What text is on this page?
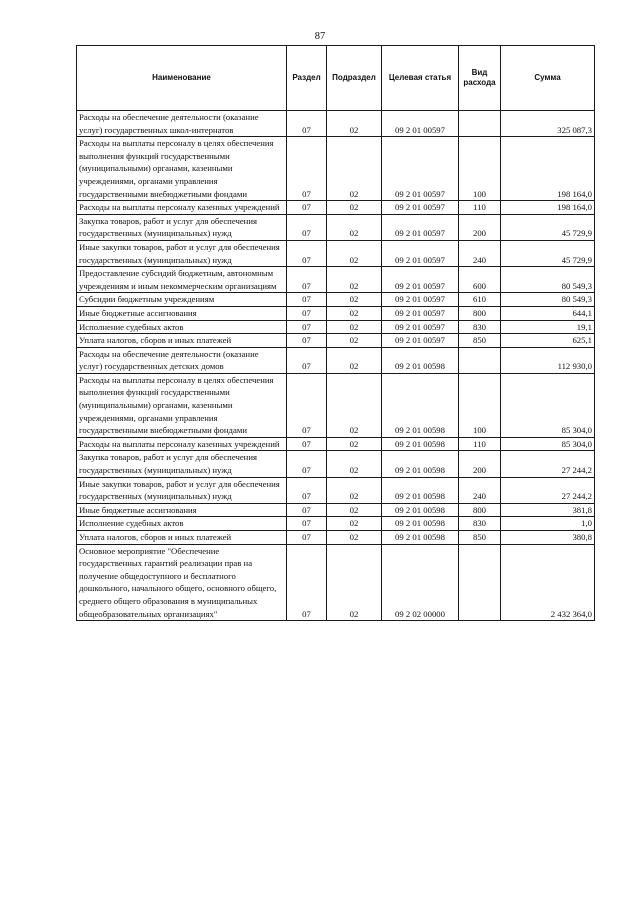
87
Наименование	Раздел	Подраздел	Целевая статья	Вид расхода	Сумма
Расходы на обеспечение деятельности (оказание услуг) государственных школ-интернатов	07	02	09 2 01 00597		325 087,3
Расходы на выплаты персоналу в целях обеспечения выполнения функций государственными (муниципальными) органами, казенными учреждениями, органами управления государственными внебюджетными фондами	07	02	09 2 01 00597	100	198 164,0
Расходы на выплаты персоналу казенных учреждений	07	02	09 2 01 00597	110	198 164,0
Закупка товаров, работ и услуг для обеспечения государственных (муниципальных) нужд	07	02	09 2 01 00597	200	45 729,9
Иные закупки товаров, работ и услуг для обеспечения государственных (муниципальных) нужд	07	02	09 2 01 00597	240	45 729,9
Предоставление субсидий бюджетным, автономным учреждениям и иным некоммерческим организациям	07	02	09 2 01 00597	600	80 549,3
Субсидии бюджетным учреждениям	07	02	09 2 01 00597	610	80 549,3
Иные бюджетные ассигнования	07	02	09 2 01 00597	800	644,1
Исполнение судебных актов	07	02	09 2 01 00597	830	19,1
Уплата налогов, сборов и иных платежей	07	02	09 2 01 00597	850	625,1
Расходы на обеспечение деятельности (оказание услуг) государственных детских домов	07	02	09 2 01 00598		112 930,0
Расходы на выплаты персоналу в целях обеспечения выполнения функций государственными (муниципальными) органами, казенными учреждениями, органами управления государственными внебюджетными фондами	07	02	09 2 01 00598	100	85 304,0
Расходы на выплаты персоналу казенных учреждений	07	02	09 2 01 00598	110	85 304,0
Закупка товаров, работ и услуг для обеспечения государственных (муниципальных) нужд	07	02	09 2 01 00598	200	27 244,2
Иные закупки товаров, работ и услуг для обеспечения государственных (муниципальных) нужд	07	02	09 2 01 00598	240	27 244,2
Иные бюджетные ассигнования	07	02	09 2 01 00598	800	381,8
Исполнение судебных актов	07	02	09 2 01 00598	830	1,0
Уплата налогов, сборов и иных платежей	07	02	09 2 01 00598	850	380,8
Основное мероприятие "Обеспечение государственных гарантий реализации прав на получение общедоступного и бесплатного дошкольного, начального общего, основного общего, среднего общего образования в муниципальных общеобразовательных организациях"	07	02	09 2 02 00000		2 432 364,0
